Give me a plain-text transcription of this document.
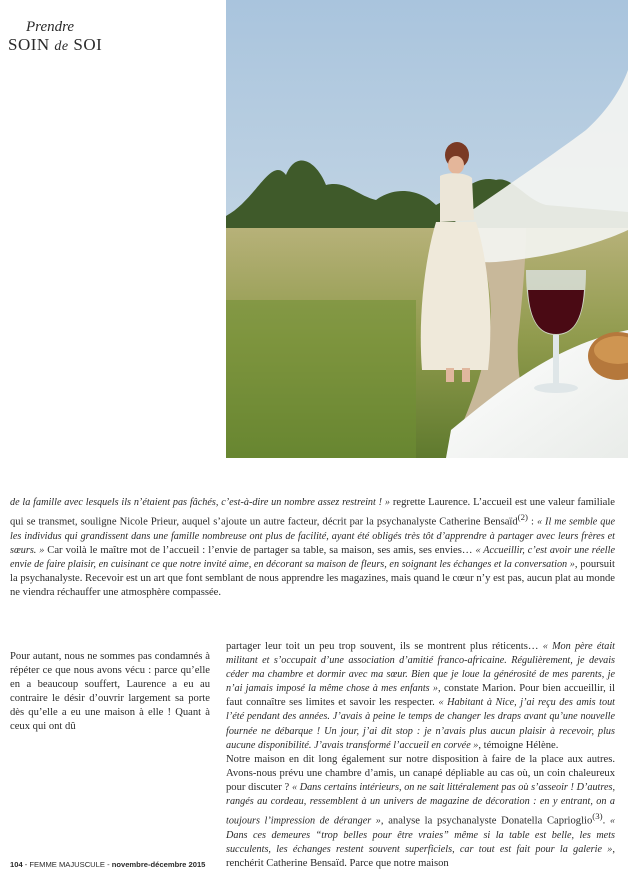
Prendre
SOIN de SOI

de la famille avec lesquels ils n’étaient pas fâchés, c’est-à-dire un nombre assez restreint ! » regrette Laurence. L’accueil est une valeur familiale qui se transmet, souligne Nicole Prieur, auquel s’ajoute un autre facteur, décrit par la psychanalyste Catherine Bensaïd$^{(2)}$ : « Il me semble que les individus qui grandissent dans une famille nombreuse ont plus de facilité, ayant été obligés très tôt d’apprendre à partager avec leurs frères et sœurs. » Car voilà le maître mot de l’accueil : l’envie de partager sa table, sa maison, ses amis, ses envies… « Accueillir, c’est avoir une réelle envie de faire plaisir, en cuisinant ce que notre invité aime, en décorant sa maison de fleurs, en soignant les échanges et la conversation », poursuit la psychanalyste. Recevoir est un art que font semblant de nous apprendre les magazines, mais quand le cœur n’y est pas, aucun plat au monde ne viendra réchauffer une atmosphère compassée.

Pour autant, nous ne sommes pas condamnés à répéter ce que nous avons vécu : parce qu’elle en a beaucoup souffert, Laurence a eu au contraire le désir d’ouvrir largement sa porte dès qu’elle a eu une maison à elle ! Quant à ceux qui ont dû

partager leur toit un peu trop souvent, ils se montrent plus réticents… « Mon père était militant et s’occupait d’une association d’amitié franco-africaine. Régulièrement, je devais céder ma chambre et dormir avec ma sœur. Bien que je loue la générosité de mes parents, je n’ai jamais imposé la même chose à mes enfants », constate Marion. Pour bien accueillir, il faut connaître ses limites et savoir les respecter. « Habitant à Nice, j’ai reçu des amis tout l’été pendant des années. J’avais à peine le temps de changer les draps avant qu’une nouvelle fournée ne débarque ! Un jour, j’ai dit stop : je n’avais plus aucun plaisir à recevoir, plus aucune disponibilité. J’avais transformé l’accueil en corvée », témoigne Hélène.

Notre maison en dit long également sur notre disposition à faire de la place aux autres. Avons-nous prévu une chambre d’amis, un canapé dépliable au cas où, un coin chaleureux pour discuter ? « Dans certains intérieurs, on ne sait littéralement pas où s’asseoir ! D’autres, rangés au cordeau, ressemblent à un univers de magazine de décoration : en y entrant, on a toujours l’impression de déranger », analyse la psychanalyste Donatella Caprioglio$^{(3)}$. « Dans ces demeures “trop belles pour être vraies” même si la table est belle, les mets succulents, les échanges restent souvent superficiels, car tout est fait pour la galerie », renchérit Catherine Bensaïd. Parce que notre maison

104 - FEMME MAJUSCULE - novembre-décembre 2015
